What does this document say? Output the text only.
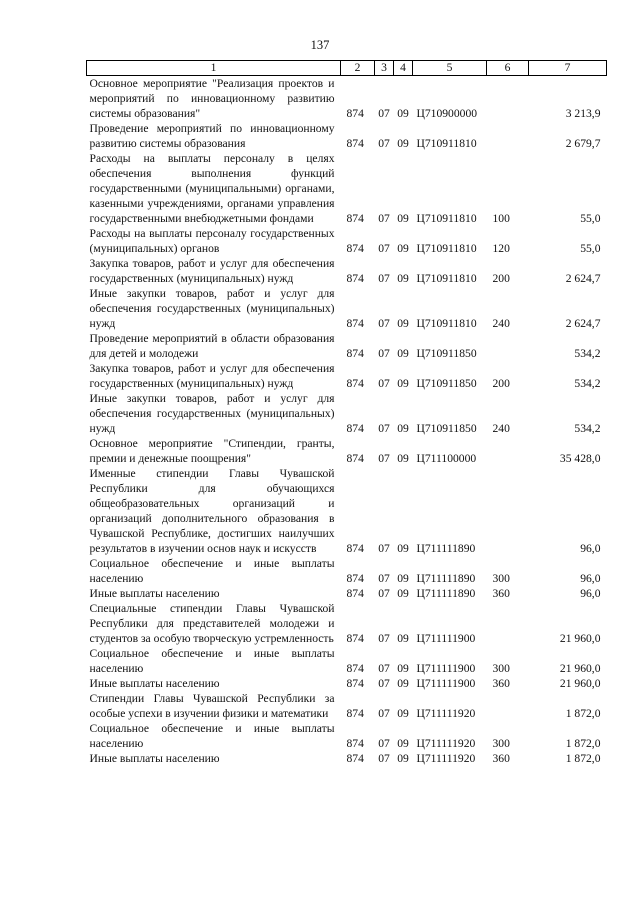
137
1	2	3	4	5	6	7
Основное мероприятие "Реализация проектов и мероприятий по инновационному развитию системы образования"	874	07	09	Ц710900000		3 213,9
Проведение мероприятий по инновационному развитию системы образования	874	07	09	Ц710911810		2 679,7
Расходы на выплаты персоналу в целях обеспечения выполнения функций государственными (муниципальными) органами, казенными учреждениями, органами управления государственными внебюджетными фондами	874	07	09	Ц710911810	100	55,0
Расходы на выплаты персоналу государственных (муниципальных) органов	874	07	09	Ц710911810	120	55,0
Закупка товаров, работ и услуг для обеспечения государственных (муниципальных) нужд	874	07	09	Ц710911810	200	2 624,7
Иные закупки товаров, работ и услуг для обеспечения государственных (муниципальных) нужд	874	07	09	Ц710911810	240	2 624,7
Проведение мероприятий в области образования для детей и молодежи	874	07	09	Ц710911850		534,2
Закупка товаров, работ и услуг для обеспечения государственных (муниципальных) нужд	874	07	09	Ц710911850	200	534,2
Иные закупки товаров, работ и услуг для обеспечения государственных (муниципальных) нужд	874	07	09	Ц710911850	240	534,2
Основное мероприятие "Стипендии, гранты, премии и денежные поощрения"	874	07	09	Ц711100000		35 428,0
Именные стипендии Главы Чувашской Республики для обучающихся общеобразовательных организаций и организаций дополнительного образования в Чувашской Республике, достигших наилучших результатов в изучении основ наук и искусств	874	07	09	Ц711111890		96,0
Социальное обеспечение и иные выплаты населению	874	07	09	Ц711111890	300	96,0
Иные выплаты населению	874	07	09	Ц711111890	360	96,0
Специальные стипендии Главы Чувашской Республики для представителей молодежи и студентов за особую творческую устремленность	874	07	09	Ц711111900		21 960,0
Социальное обеспечение и иные выплаты населению	874	07	09	Ц711111900	300	21 960,0
Иные выплаты населению	874	07	09	Ц711111900	360	21 960,0
Стипендии Главы Чувашской Республики за особые успехи в изучении физики и математики	874	07	09	Ц711111920		1 872,0
Социальное обеспечение и иные выплаты населению	874	07	09	Ц711111920	300	1 872,0
Иные выплаты населению	874	07	09	Ц711111920	360	1 872,0
